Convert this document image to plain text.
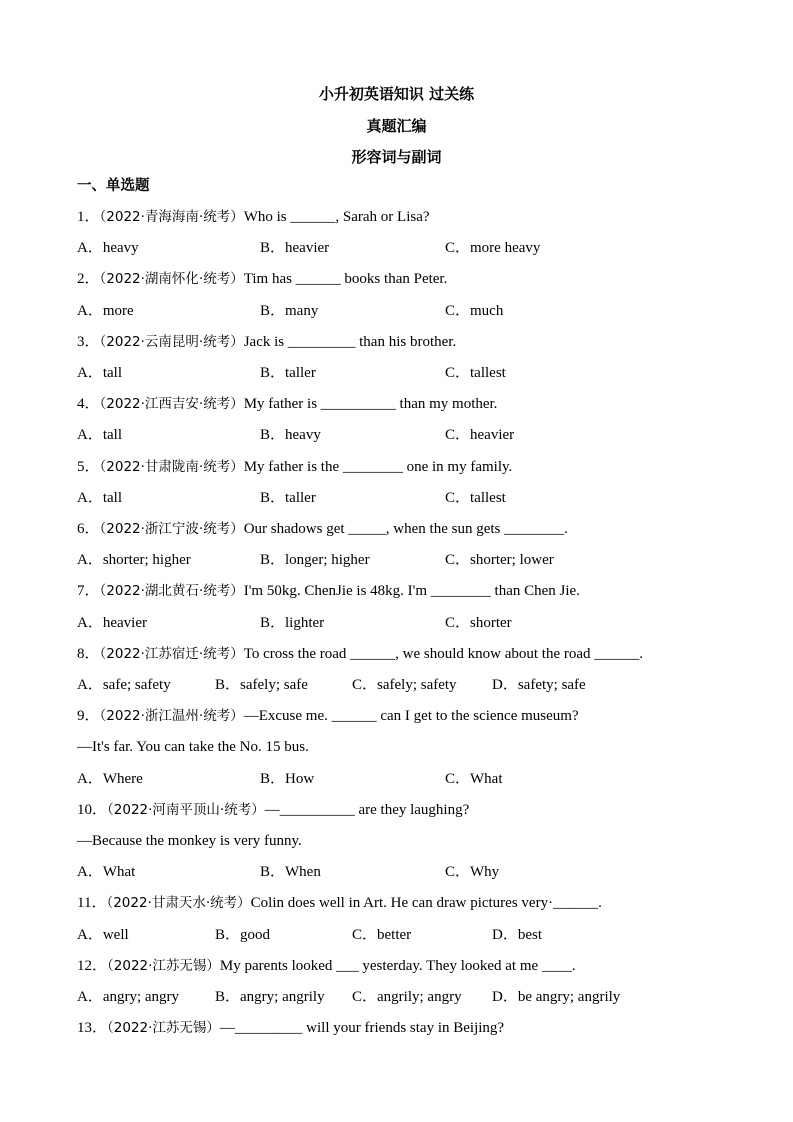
小升初英语知识 过关练
真题汇编
形容词与副词
一、单选题
1．（2022·青海海南·统考）Who is ______, Sarah or Lisa?
A．heavy	B．heavier	C．more heavy
2．（2022·湖南怀化·统考）Tim has ______ books than Peter.
A．more	B．many	C．much
3．（2022·云南昆明·统考）Jack is _________ than his brother.
A．tall	B．taller	C．tallest
4．（2022·江西吉安·统考）My father is __________ than my mother.
A．tall	B．heavy	C．heavier
5．（2022·甘肃陇南·统考）My father is the ________ one in my family.
A．tall	B．taller	C．tallest
6．（2022·浙江宁波·统考）Our shadows get _____, when the sun gets ________.
A．shorter; higher	B．longer; higher	C．shorter; lower
7．（2022·湖北黄石·统考）I'm 50kg. ChenJie is 48kg. I'm ________ than Chen Jie.
A．heavier	B．lighter	C．shorter
8．（2022·江苏宿迁·统考）To cross the road ______, we should know about the road ______.
A．safe; safety	B．safely; safe	C．safely; safety D．safety; safe
9．（2022·浙江温州·统考）—Excuse me. ______ can I get to the science museum?
—It's far. You can take the No. 15 bus.
A．Where	B．How	C．What
10．（2022·河南平顶山·统考）—__________ are they laughing?
—Because the monkey is very funny.
A．What	B．When	C．Why
11．（2022·甘肃天水·统考）Colin does well in Art. He can draw pictures very·______.
A．well	B．good	C．better	D．best
12．（2022·江苏无锡）My parents looked ___ yesterday. They looked at me ____.
A．angry; angry B．angry; angrily C．angrily; angry D．be angry; angrily
13．（2022·江苏无锡）—_________ will your friends stay in Beijing?
